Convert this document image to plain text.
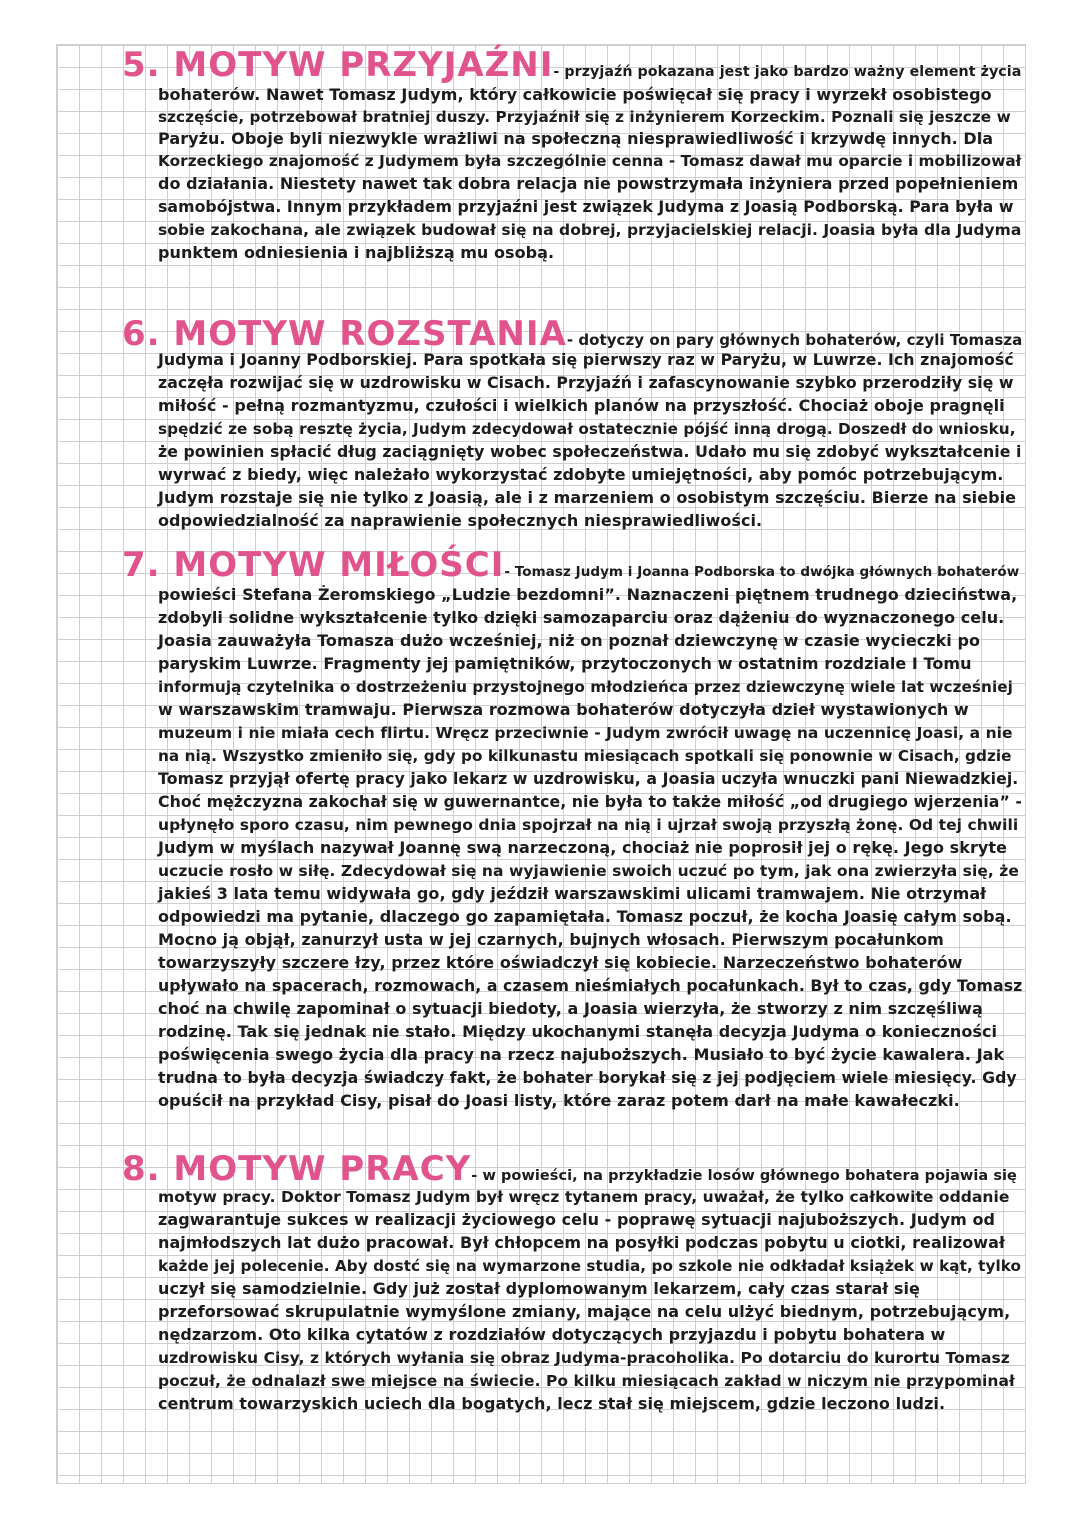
5. MOTYW PRZYJAŹNI- przyjaźń pokazana jest jako bardzo ważny element życia
bohaterów. Nawet Tomasz Judym, który całkowicie poświęcał się pracy i wyrzekł osobistego
szczęście, potrzebował bratniej duszy. Przyjaźnił się z inżynierem Korzeckim. Poznali się jeszcze w
Paryżu. Oboje byli niezwykle wrażliwi na społeczną niesprawiedliwość i krzywdę innych. Dla
Korzeckiego znajomość z Judymem była szczególnie cenna - Tomasz dawał mu oparcie i mobilizował
do działania. Niestety nawet tak dobra relacja nie powstrzymała inżyniera przed popełnieniem
samobójstwa. Innym przykładem przyjaźni jest związek Judyma z Joasią Podborską. Para była w
sobie zakochana, ale związek budował się na dobrej, przyjacielskiej relacji. Joasia była dla Judyma
punktem odniesienia i najbliższą mu osobą.
6. MOTYW ROZSTANIA- dotyczy on pary głównych bohaterów, czyli Tomasza
Judyma i Joanny Podborskiej. Para spotkała się pierwszy raz w Paryżu, w Luwrze. Ich znajomość
zaczęła rozwijać się w uzdrowisku w Cisach. Przyjaźń i zafascynowanie szybko przerodziły się w
miłość - pełną rozmantyzmu, czułości i wielkich planów na przyszłość. Chociaż oboje pragnęli
spędzić ze sobą resztę życia, Judym zdecydował ostatecznie pójść inną drogą. Doszedł do wniosku,
że powinien spłacić dług zaciągnięty wobec społeczeństwa. Udało mu się zdobyć wykształcenie i
wyrwać z biedy, więc należało wykorzystać zdobyte umiejętności, aby pomóc potrzebującym.
Judym rozstaje się nie tylko z Joasią, ale i z marzeniem o osobistym szczęściu. Bierze na siebie
odpowiedzialność za naprawienie społecznych niesprawiedliwości.
7. MOTYW MIŁOŚCI- Tomasz Judym i Joanna Podborska to dwójka głównych bohaterów
powieści Stefana Żeromskiego „Ludzie bezdomni”. Naznaczeni piętnem trudnego dzieciństwa,
zdobyli solidne wykształcenie tylko dzięki samozaparciu oraz dążeniu do wyznaczonego celu.
Joasia zauważyła Tomasza dużo wcześniej, niż on poznał dziewczynę w czasie wycieczki po
paryskim Luwrze. Fragmenty jej pamiętników, przytoczonych w ostatnim rozdziale I Tomu
informują czytelnika o dostrzeżeniu przystojnego młodzieńca przez dziewczynę wiele lat wcześniej
w warszawskim tramwaju. Pierwsza rozmowa bohaterów dotyczyła dzieł wystawionych w
muzeum i nie miała cech flirtu. Wręcz przeciwnie - Judym zwrócił uwagę na uczennicę Joasi, a nie
na nią. Wszystko zmieniło się, gdy po kilkunastu miesiącach spotkali się ponownie w Cisach, gdzie
Tomasz przyjął ofertę pracy jako lekarz w uzdrowisku, a Joasia uczyła wnuczki pani Niewadzkiej.
Choć mężczyzna zakochał się w guwernantce, nie była to także miłość „od drugiego wjerzenia” -
upłynęło sporo czasu, nim pewnego dnia spojrzał na nią i ujrzał swoją przyszłą żonę. Od tej chwili
Judym w myślach nazywał Joannę swą narzeczoną, chociaż nie poprosił jej o rękę. Jego skryte
uczucie rosło w siłę. Zdecydował się na wyjawienie swoich uczuć po tym, jak ona zwierzyła się, że
jakieś 3 lata temu widywała go, gdy jeździł warszawskimi ulicami tramwajem. Nie otrzymał
odpowiedzi ma pytanie, dlaczego go zapamiętała. Tomasz poczuł, że kocha Joasię całym sobą.
Mocno ją objął, zanurzył usta w jej czarnych, bujnych włosach. Pierwszym pocałunkom
towarzyszyły szczere łzy, przez które oświadczył się kobiecie. Narzeczeństwo bohaterów
upływało na spacerach, rozmowach, a czasem nieśmiałych pocałunkach. Był to czas, gdy Tomasz
choć na chwilę zapominał o sytuacji biedoty, a Joasia wierzyła, że stworzy z nim szczęśliwą
rodzinę. Tak się jednak nie stało. Między ukochanymi stanęła decyzja Judyma o konieczności
poświęcenia swego życia dla pracy na rzecz najuboższych. Musiało to być życie kawalera. Jak
trudna to była decyzja świadczy fakt, że bohater borykał się z jej podjęciem wiele miesięcy. Gdy
opuścił na przykład Cisy, pisał do Joasi listy, które zaraz potem darł na małe kawałeczki.
8. MOTYW PRACY- w powieści, na przykładzie losów głównego bohatera pojawia się
motyw pracy. Doktor Tomasz Judym był wręcz tytanem pracy, uważał, że tylko całkowite oddanie
zagwarantuje sukces w realizacji życiowego celu - poprawę sytuacji najuboższych. Judym od
najmłodszych lat dużo pracował. Był chłopcem na posyłki podczas pobytu u ciotki, realizował
każde jej polecenie. Aby dostć się na wymarzone studia, po szkole nie odkładał książek w kąt, tylko
uczył się samodzielnie. Gdy już został dyplomowanym lekarzem, cały czas starał się
przeforsować skrupulatnie wymyślone zmiany, mające na celu ulżyć biednym, potrzebującym,
nędzarzom. Oto kilka cytatów z rozdziałów dotyczących przyjazdu i pobytu bohatera w
uzdrowisku Cisy, z których wyłania się obraz Judyma-pracoholika. Po dotarciu do kurortu Tomasz
poczuł, że odnalazł swe miejsce na świecie. Po kilku miesiącach zakład w niczym nie przypominał
centrum towarzyskich uciech dla bogatych, lecz stał się miejscem, gdzie leczono ludzi.
